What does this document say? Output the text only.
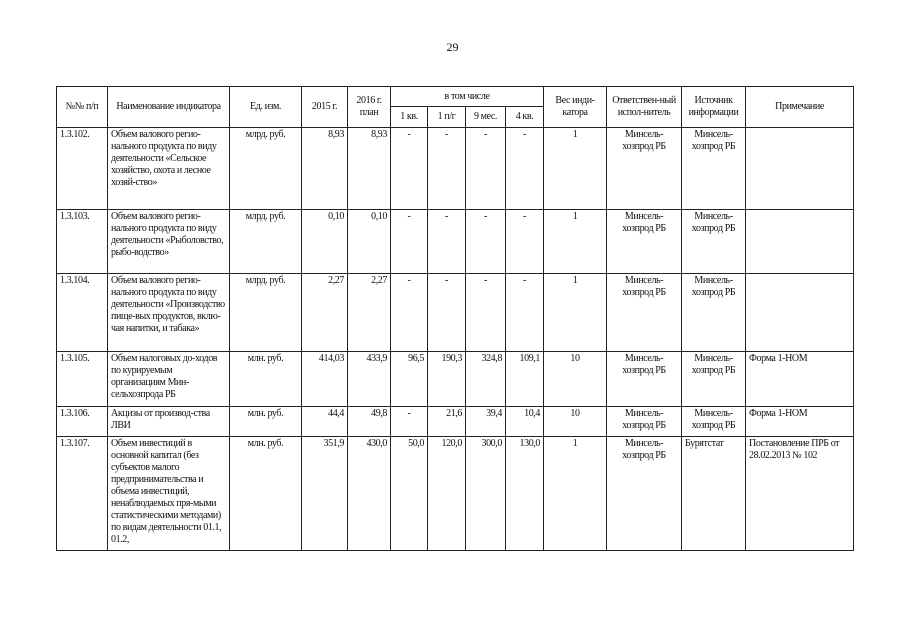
29
№№ п/п	Наименование индикатора	Ед. изм.	2015 г.	2016 г. план	в том числе				Вес инди-катора	Ответствен-ный испол-нитель	Источник информации	Примечание
					1 кв.	1 п/г	9 мес.	4 кв.				
1.3.102.	Объем валового регио-нального продукта по виду деятельности «Сельское хозяйство, охота и лесное хозяй-ство»	млрд. руб.	8,93	8,93	-	-	-	-	1	Минсель-хозпрод РБ	Минсель-хозпрод РБ	
1.3.103.	Объем валового регио-нального продукта по виду деятельности «Рыболовство, рыбо-водство»	млрд. руб.	0,10	0,10	-	-	-	-	1	Минсель-хозпрод РБ	Минсель-хозпрод РБ	
1.3.104.	Объем валового регио-нального продукта по виду деятельности «Производство пище-вых продуктов, вклю-чая напитки, и табака»	млрд. руб.	2,27	2,27	-	-	-	-	1	Минсель-хозпрод РБ	Минсель-хозпрод РБ	
1.3.105.	Объем налоговых до-ходов по курируемым организациям Мин-сельхозпрода РБ	млн. руб.	414,03	433,9	96,5	190,3	324,8	109,1	10	Минсель-хозпрод РБ	Минсель-хозпрод РБ	Форма 1-НОМ
1.3.106.	Акцизы от производ-ства ЛВИ	млн. руб.	44,4	49,8	-	21,6	39,4	10,4	10	Минсель-хозпрод РБ	Минсель-хозпрод РБ	Форма 1-НОМ
1.3.107.	Объем инвестиций в основной капитал (без субъектов малого предпринимательства и объема инвестиций, ненаблюдаемых пря-мыми статистическими методами) по видам деятельности 01.1, 01.2,	млн. руб.	351,9	430,0	50,0	120,0	300,0	130,0	1	Минсель-хозпрод РБ	Бурятстат	Постановление ПРБ от 28.02.2013 № 102
